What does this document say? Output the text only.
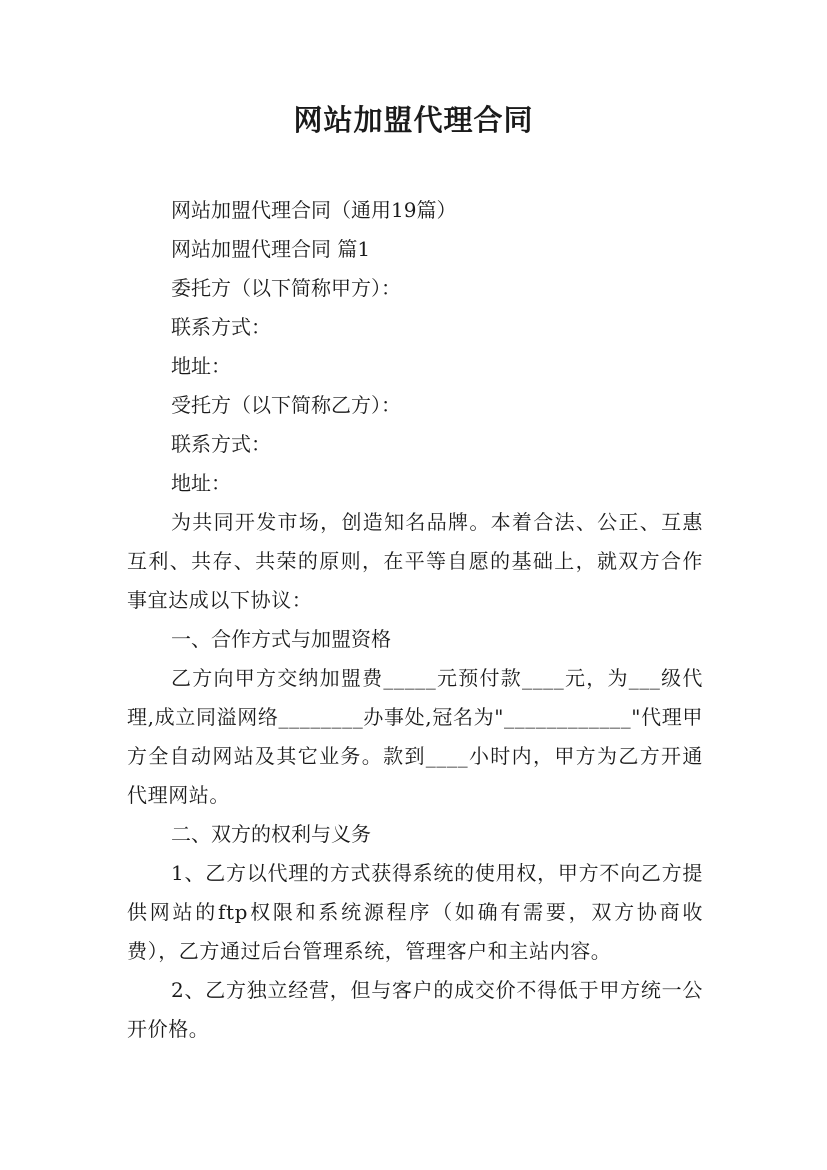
网站加盟代理合同

网站加盟代理合同（通用19篇）

网站加盟代理合同 篇1

委托方（以下简称甲方）：

联系方式：

地址：

受托方（以下简称乙方）：

联系方式：

地址：

为共同开发市场，创造知名品牌。本着合法、公正、互惠互利、共存、共荣的原则，在平等自愿的基础上，就双方合作事宜达成以下协议：

一、合作方式与加盟资格

乙方向甲方交纳加盟费_____元预付款____元，为___级代理,成立同溢网络________办事处,冠名为"____________"代理甲方全自动网站及其它业务。款到____小时内，甲方为乙方开通代理网站。

二、双方的权利与义务

1、乙方以代理的方式获得系统的使用权，甲方不向乙方提供网站的ftp权限和系统源程序（如确有需要，双方协商收费），乙方通过后台管理系统，管理客户和主站内容。

2、乙方独立经营，但与客户的成交价不得低于甲方统一公开价格。
